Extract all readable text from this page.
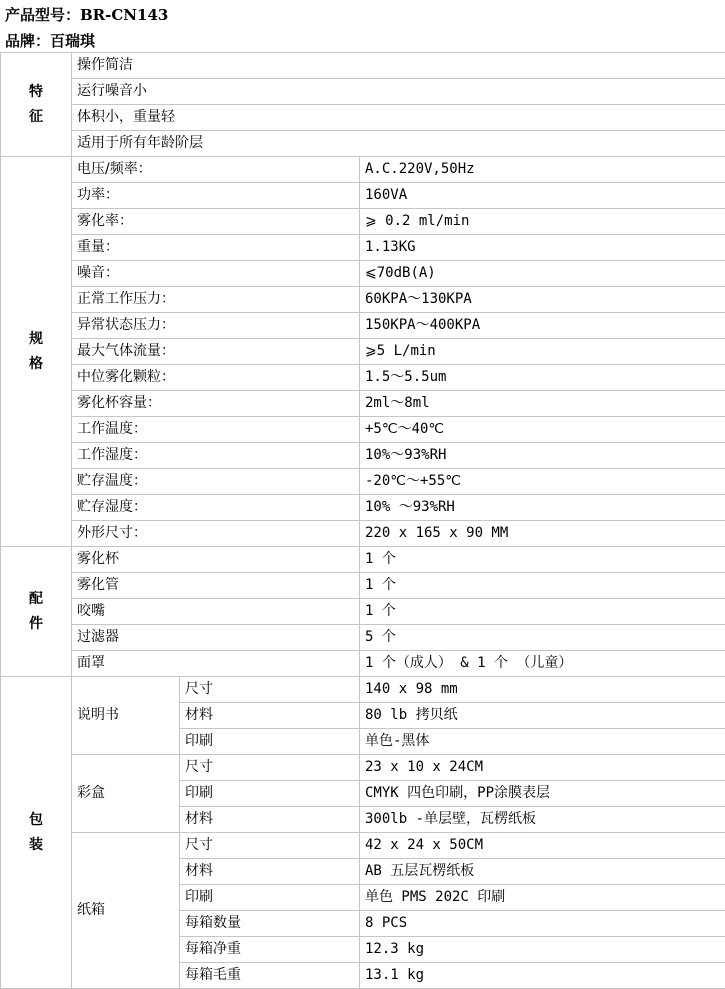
产品型号：BR-CN143
品牌：百瑞琪
特
征	操作简洁		
	运行噪音小		
	体积小，重量轻		
	适用于所有年龄阶层		

规
格	电压/频率：		A.C.220V,50Hz
	功率：		160VA
	雾化率：		⩾ 0.2 ml/min
	重量：		1.13KG
	噪音：		⩽70dB(A)
	正常工作压力：		60KPA～130KPA
	异常状态压力：		150KPA～400KPA
	最大气体流量：		⩾5 L/min
	中位雾化颗粒：		1.5～5.5um
	雾化杯容量：		2ml～8ml
	工作温度：		+5℃～40℃
	工作湿度：		10%～93%RH
	贮存温度：		-20℃～+55℃
	贮存湿度：		10% ～93%RH
	外形尺寸：		220 x 165 x 90 MM

配
件	雾化杯		1 个
	雾化管		1 个
	咬嘴		1 个
	过滤器		5 个
	面罩		1 个（成人） & 1 个 （儿童）

包
装	说明书	尺寸	140 x 98 mm
		材料	80 lb 拷贝纸
		印刷	单色-黑体
	彩盒	尺寸	23 x 10 x 24CM
		印刷	CMYK 四色印刷，PP涂膜表层
		材料	300lb -单层壁，瓦楞纸板
	纸箱	尺寸	42 x 24 x 50CM
		材料	AB 五层瓦楞纸板
		印刷	单色 PMS 202C 印刷
		每箱数量	8 PCS
		每箱净重	12.3 kg
		每箱毛重	13.1 kg
